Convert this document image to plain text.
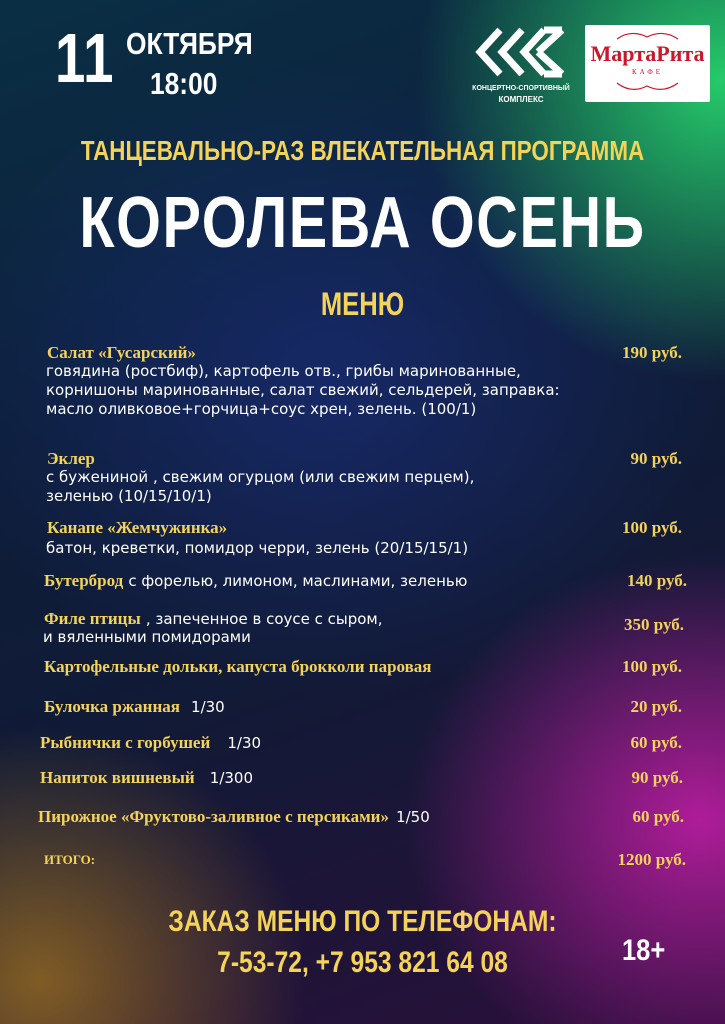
11 ОКТЯБРЯ
18:00	КОНЦЕРТНО-СПОРТИВНЫЙ
КОМПЛЕКС
МартаРита
КАФЕ
ТАНЦЕВАЛЬНО-РАЗ ВЛЕКАТЕЛЬНАЯ ПРОГРАММА
КОРОЛЕВА ОСЕНЬ
МЕНЮ
Салат «Гусарский»
говядина (ростбиф), картофель отв., грибы маринованные, корнишоны маринованные, салат свежий, сельдерей, заправка: масло оливковое+горчица+соус хрен, зелень. (100/1)
190 руб.
Эклер
с бужениной , свежим огурцом (или свежим перцем), зеленью (10/15/10/1)
90 руб.
Канапе «Жемчужинка»
батон, креветки, помидор черри, зелень (20/15/15/1)
100 руб.
Бутерброд с форелью, лимоном, маслинами, зеленью	140 руб.
Филе птицы , запеченное в соусе с сыром,
и вяленными помидорами
350 руб.
Картофельные дольки, капуста брокколи паровая	100 руб.
Булочка ржанная 1/30	20 руб.
Рыбнички с горбушей 1/30	60 руб.
Напиток вишневый 1/300	90 руб.
Пирожное «Фруктово-заливное с персиками» 1/50	60 руб.
ИТОГО:	1200 руб.
ЗАКАЗ МЕНЮ ПО ТЕЛЕФОНАМ:
7-53-72, +7 953 821 64 08	18+
